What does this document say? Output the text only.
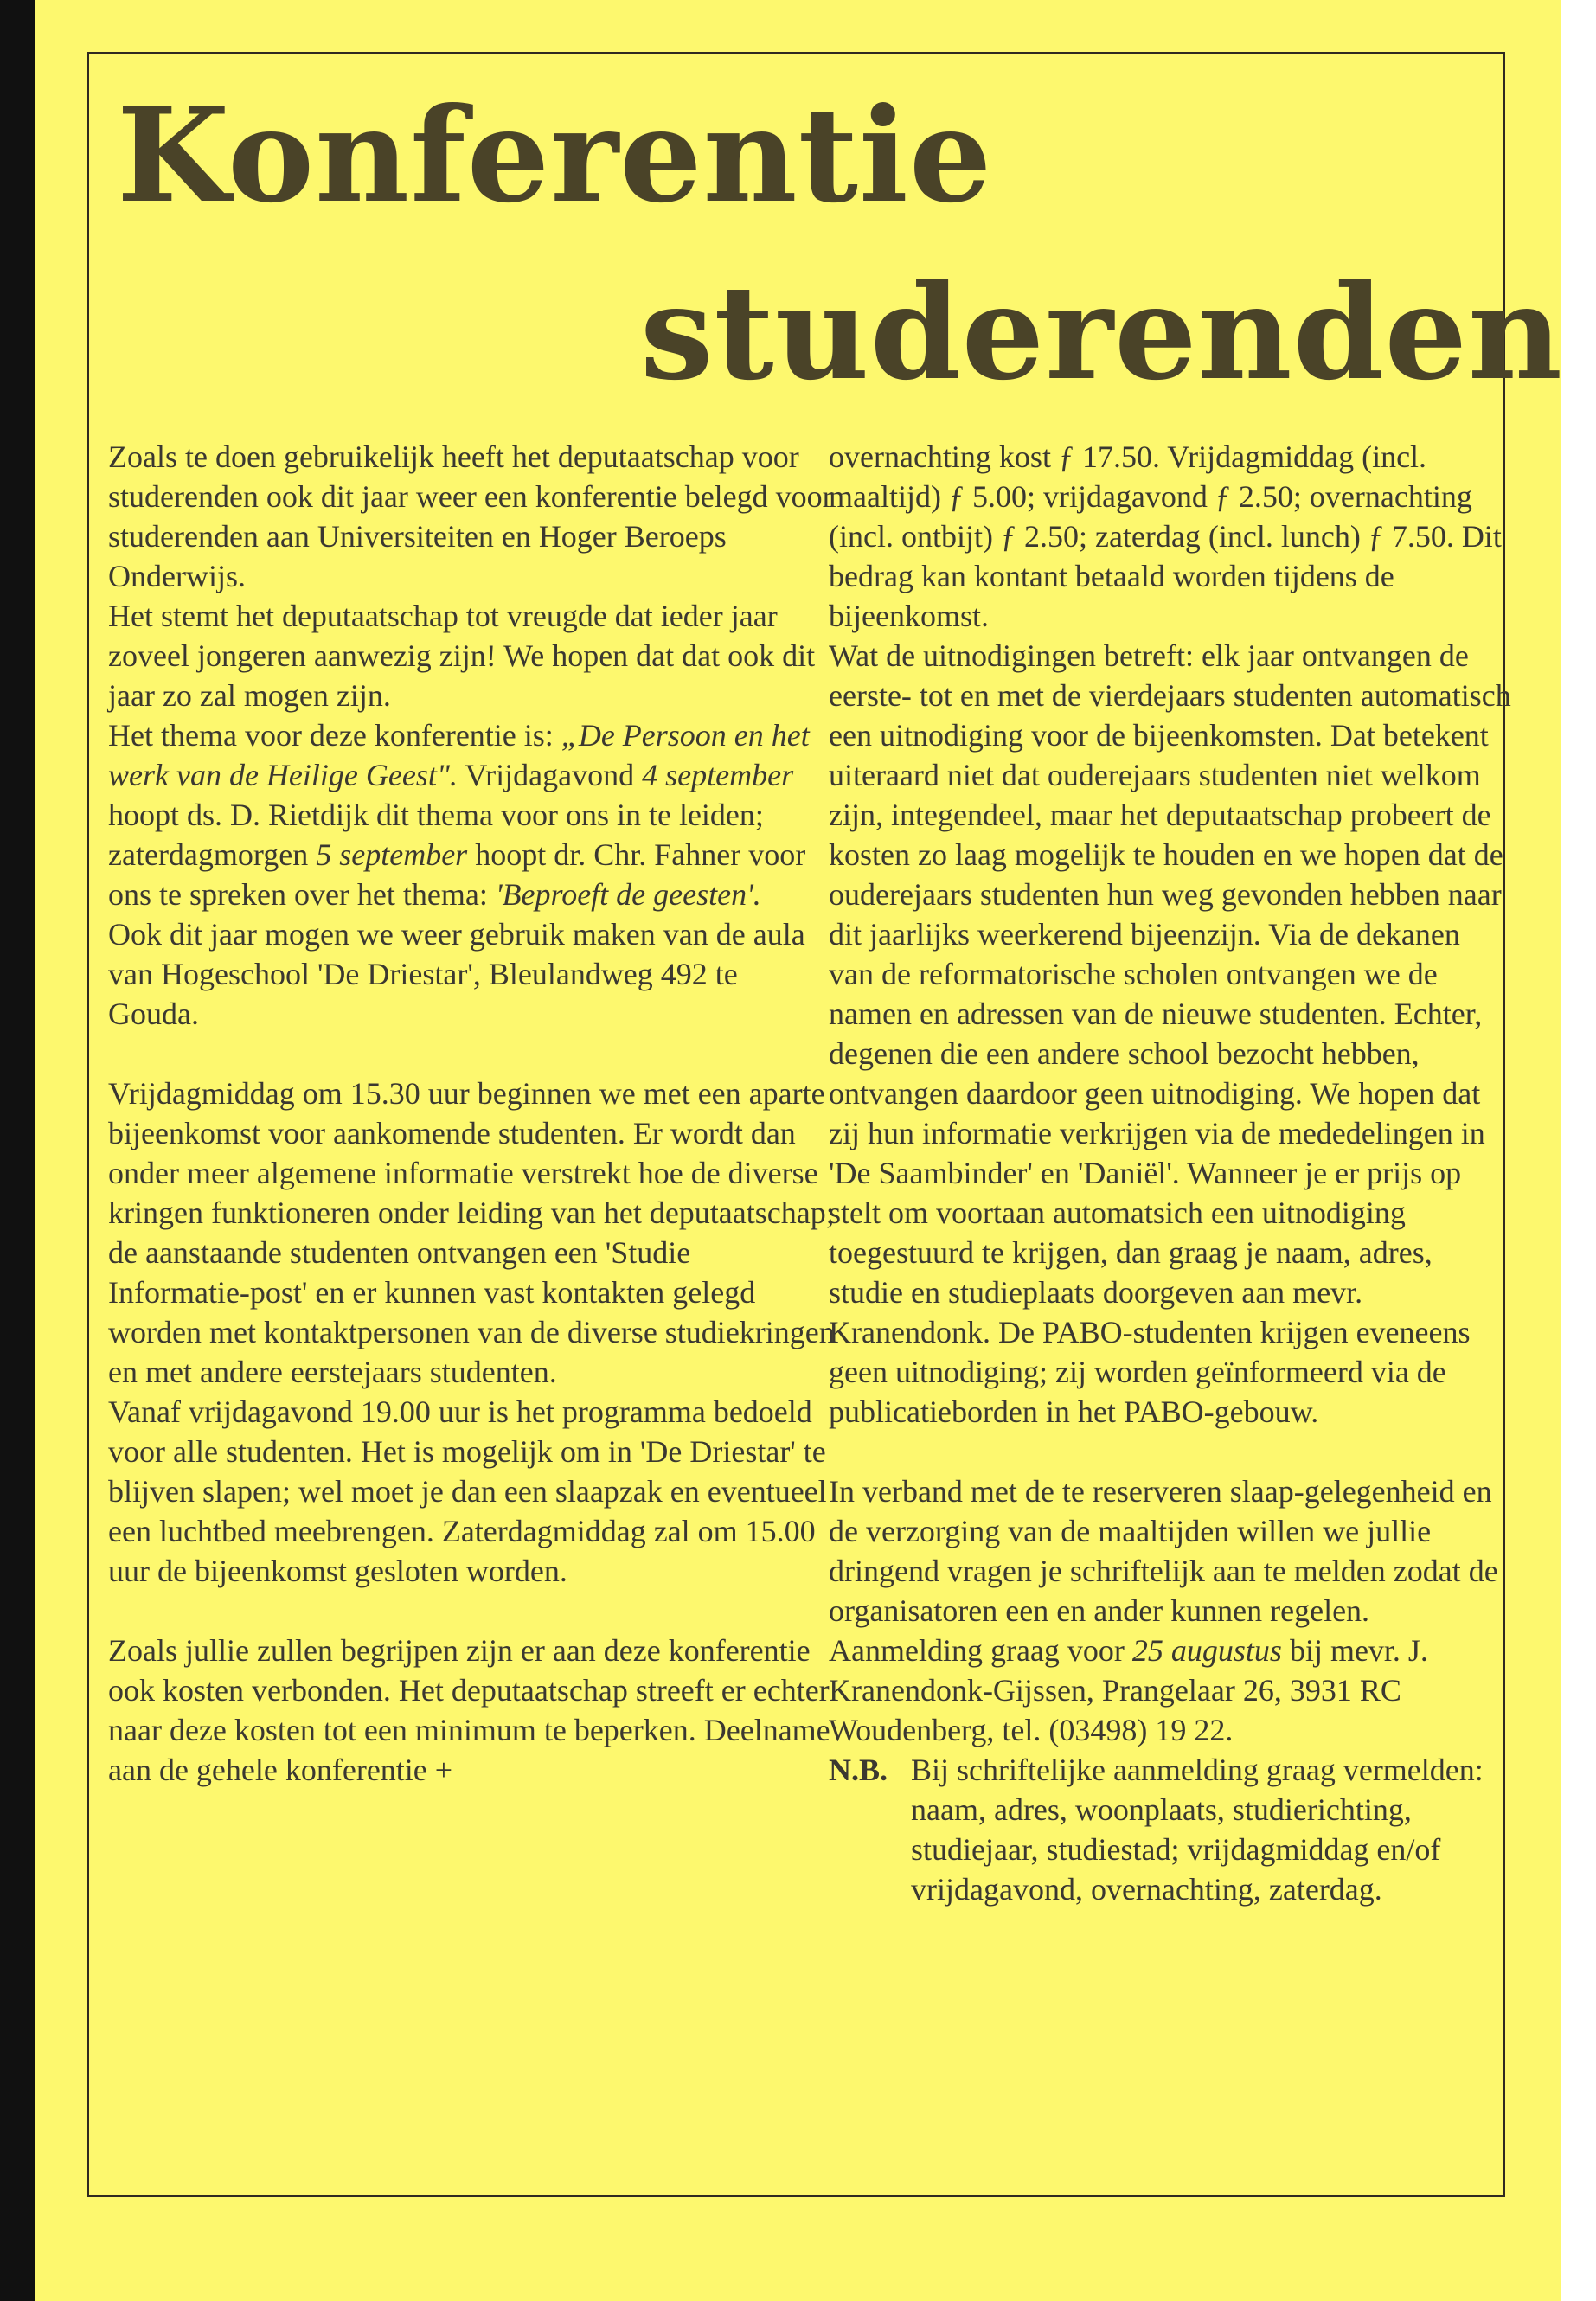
Konferentie
studerenden

Zoals te doen gebruikelijk heeft het deputaatschap voor studerenden ook dit jaar weer een konferentie belegd voor studerenden aan Universiteiten en Hoger Beroeps Onderwijs.

Het stemt het deputaatschap tot vreugde dat ieder jaar zoveel jongeren aanwezig zijn! We hopen dat dat ook dit jaar zo zal mogen zijn.

Het thema voor deze konferentie is: „De Persoon en het werk van de Heilige Geest". Vrijdagavond 4 september hoopt ds. D. Rietdijk dit thema voor ons in te leiden; zaterdagmorgen 5 september hoopt dr. Chr. Fahner voor ons te spreken over het thema: 'Beproeft de geesten'.

Ook dit jaar mogen we weer gebruik maken van de aula van Hogeschool 'De Driestar', Bleulandweg 492 te Gouda.

Vrijdagmiddag om 15.30 uur beginnen we met een aparte bijeenkomst voor aankomende studenten. Er wordt dan onder meer algemene informatie verstrekt hoe de diverse kringen funktioneren onder leiding van het deputaatschap; de aanstaande studenten ontvangen een 'Studie Informatie-post' en er kunnen vast kontakten gelegd worden met kontaktpersonen van de diverse studiekringen en met andere eerstejaars studenten.

Vanaf vrijdagavond 19.00 uur is het programma bedoeld voor alle studenten. Het is mogelijk om in 'De Driestar' te blijven slapen; wel moet je dan een slaapzak en eventueel een luchtbed meebrengen. Zaterdagmiddag zal om 15.00 uur de bijeenkomst gesloten worden.

Zoals jullie zullen begrijpen zijn er aan deze konferentie ook kosten verbonden. Het deputaatschap streeft er echter naar deze kosten tot een minimum te beperken. Deelname aan de gehele konferentie +

overnachting kost ƒ 17.50. Vrijdagmiddag (incl. maaltijd) ƒ 5.00; vrijdagavond ƒ 2.50; overnachting (incl. ontbijt) ƒ 2.50; zaterdag (incl. lunch) ƒ 7.50. Dit bedrag kan kontant betaald worden tijdens de bijeenkomst.

Wat de uitnodigingen betreft: elk jaar ontvangen de eerste- tot en met de vierdejaars studenten automatisch een uitnodiging voor de bijeenkomsten. Dat betekent uiteraard niet dat ouderejaars studenten niet welkom zijn, integendeel, maar het deputaatschap probeert de kosten zo laag mogelijk te houden en we hopen dat de ouderejaars studenten hun weg gevonden hebben naar dit jaarlijks weerkerend bijeenzijn. Via de dekanen van de reformatorische scholen ontvangen we de namen en adressen van de nieuwe studenten. Echter, degenen die een andere school bezocht hebben, ontvangen daardoor geen uitnodiging. We hopen dat zij hun informatie verkrijgen via de mededelingen in 'De Saambinder' en 'Daniël'. Wanneer je er prijs op stelt om voortaan automatsich een uitnodiging toegestuurd te krijgen, dan graag je naam, adres, studie en studieplaats doorgeven aan mevr. Kranendonk. De PABO-studenten krijgen eveneens geen uitnodiging; zij worden geïnformeerd via de publicatieborden in het PABO-gebouw.

In verband met de te reserveren slaap-gelegenheid en de verzorging van de maaltijden willen we jullie dringend vragen je schriftelijk aan te melden zodat de organisatoren een en ander kunnen regelen. Aanmelding graag voor 25 augustus bij mevr. J. Kranendonk-Gijssen, Prangelaar 26, 3931 RC Woudenberg, tel. (03498) 19 22.

N.B. Bij schriftelijke aanmelding graag vermelden: naam, adres, woonplaats, studierichting, studiejaar, studiestad; vrijdagmiddag en/of vrijdagavond, overnachting, zaterdag.
